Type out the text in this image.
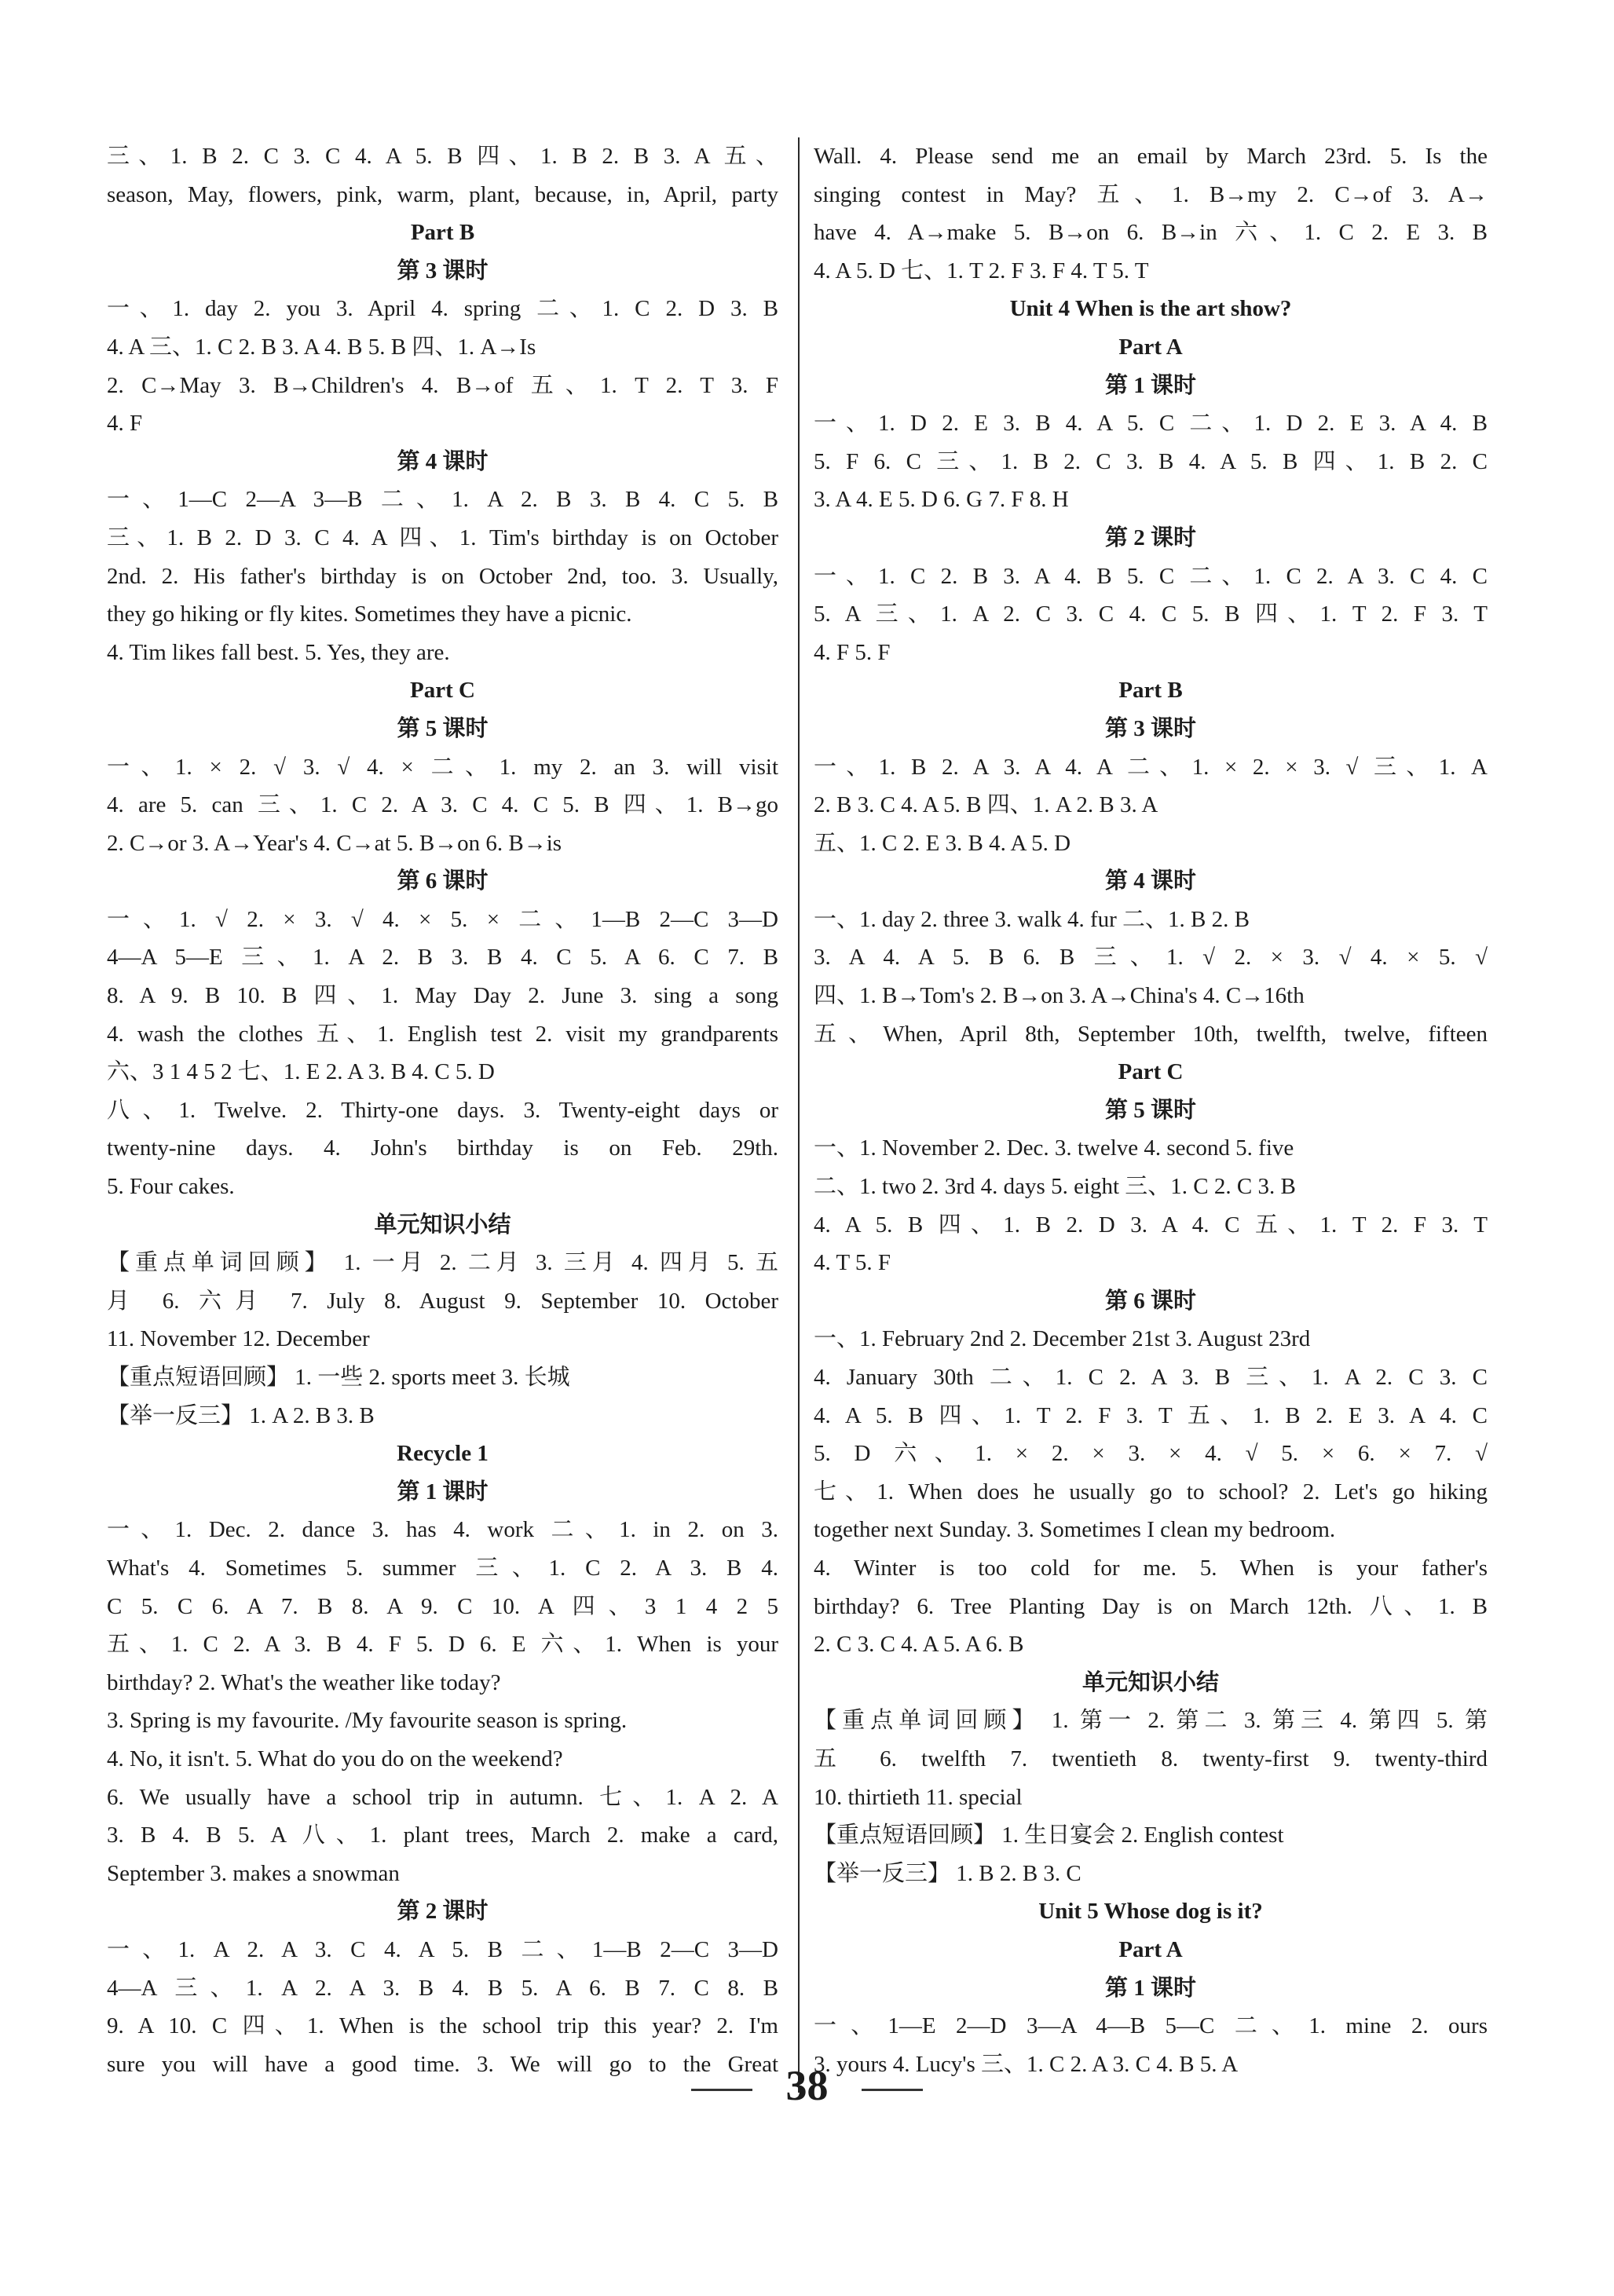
三、1. B 2. C 3. C 4. A 5. B 四、1. B 2. B 3. A 五、
season, May, flowers, pink, warm, plant, because, in, April, party
Part B
第 3 课时
一、1. day 2. you 3. April 4. spring 二、1. C 2. D 3. B
4. A 三、1. C 2. B 3. A 4. B 5. B 四、1. A→Is
2. C→May 3. B→Children's 4. B→of 五、1. T 2. T 3. F
4. F
第 4 课时
一、1—C 2—A 3—B 二、1. A 2. B 3. B 4. C 5. B
三、1. B 2. D 3. C 4. A 四、1. Tim's birthday is on October
2nd. 2. His father's birthday is on October 2nd, too. 3. Usually,
they go hiking or fly kites. Sometimes they have a picnic.
4. Tim likes fall best. 5. Yes, they are.
Part C
第 5 课时
一、1. × 2. √ 3. √ 4. × 二、1. my 2. an 3. will visit
4. are 5. can 三、1. C 2. A 3. C 4. C 5. B 四、1. B→go
2. C→or 3. A→Year's 4. C→at 5. B→on 6. B→is
第 6 课时
一、1. √ 2. × 3. √ 4. × 5. × 二、1—B 2—C 3—D
4—A 5—E 三、1. A 2. B 3. B 4. C 5. A 6. C 7. B
8. A 9. B 10. B 四、1. May Day 2. June 3. sing a song
4. wash the clothes 五、1. English test 2. visit my grandparents
六、3 1 4 5 2 七、1. E 2. A 3. B 4. C 5. D
八、1. Twelve. 2. Thirty-one days. 3. Twenty-eight days or
twenty-nine days. 4. John's birthday is on Feb. 29th.
5. Four cakes.
单元知识小结
【重点单词回顾】 1. 一月 2. 二月 3. 三月 4. 四月 5. 五
月 6. 六月 7. July 8. August 9. September 10. October
11. November 12. December
【重点短语回顾】 1. 一些 2. sports meet 3. 长城
【举一反三】 1. A 2. B 3. B
Recycle 1
第 1 课时
一、1. Dec. 2. dance 3. has 4. work 二、1. in 2. on 3.
What's 4. Sometimes 5. summer 三、1. C 2. A 3. B 4.
C 5. C 6. A 7. B 8. A 9. C 10. A 四、3 1 4 2 5
五、1. C 2. A 3. B 4. F 5. D 6. E 六、1. When is your
birthday? 2. What's the weather like today?
3. Spring is my favourite. /My favourite season is spring.
4. No, it isn't. 5. What do you do on the weekend?
6. We usually have a school trip in autumn. 七、1. A 2. A
3. B 4. B 5. A 八、1. plant trees, March 2. make a card,
September 3. makes a snowman
第 2 课时
一、1. A 2. A 3. C 4. A 5. B 二、1—B 2—C 3—D
4—A 三、1. A 2. A 3. B 4. B 5. A 6. B 7. C 8. B
9. A 10. C 四、1. When is the school trip this year? 2. I'm
sure you will have a good time. 3. We will go to the Great
Wall. 4. Please send me an email by March 23rd. 5. Is the
singing contest in May? 五、1. B→my 2. C→of 3. A→
have 4. A→make 5. B→on 6. B→in 六、1. C 2. E 3. B
4. A 5. D 七、1. T 2. F 3. F 4. T 5. T
Unit 4 When is the art show?
Part A
第 1 课时
一、1. D 2. E 3. B 4. A 5. C 二、1. D 2. E 3. A 4. B
5. F 6. C 三、1. B 2. C 3. B 4. A 5. B 四、1. B 2. C
3. A 4. E 5. D 6. G 7. F 8. H
第 2 课时
一、1. C 2. B 3. A 4. B 5. C 二、1. C 2. A 3. C 4. C
5. A 三、1. A 2. C 3. C 4. C 5. B 四、1. T 2. F 3. T
4. F 5. F
Part B
第 3 课时
一、1. B 2. A 3. A 4. A 二、1. × 2. × 3. √ 三、1. A
2. B 3. C 4. A 5. B 四、1. A 2. B 3. A
五、1. C 2. E 3. B 4. A 5. D
第 4 课时
一、1. day 2. three 3. walk 4. fur 二、1. B 2. B
3. A 4. A 5. B 6. B 三、1. √ 2. × 3. √ 4. × 5. √
四、1. B→Tom's 2. B→on 3. A→China's 4. C→16th
五、When, April 8th, September 10th, twelfth, twelve, fifteen
Part C
第 5 课时
一、1. November 2. Dec. 3. twelve 4. second 5. five
二、1. two 2. 3rd 4. days 5. eight 三、1. C 2. C 3. B
4. A 5. B 四、1. B 2. D 3. A 4. C 五、1. T 2. F 3. T
4. T 5. F
第 6 课时
一、1. February 2nd 2. December 21st 3. August 23rd
4. January 30th 二、1. C 2. A 3. B 三、1. A 2. C 3. C
4. A 5. B 四、1. T 2. F 3. T 五、1. B 2. E 3. A 4. C
5. D 六、1. × 2. × 3. × 4. √ 5. × 6. × 7. √
七、1. When does he usually go to school? 2. Let's go hiking
together next Sunday. 3. Sometimes I clean my bedroom.
4. Winter is too cold for me. 5. When is your father's
birthday? 6. Tree Planting Day is on March 12th. 八、1. B
2. C 3. C 4. A 5. A 6. B
单元知识小结
【重点单词回顾】 1. 第一 2. 第二 3. 第三 4. 第四 5. 第
五 6. twelfth 7. twentieth 8. twenty-first 9. twenty-third
10. thirtieth 11. special
【重点短语回顾】 1. 生日宴会 2. English contest
【举一反三】 1. B 2. B 3. C
Unit 5 Whose dog is it?
Part A
第 1 课时
一、1—E 2—D 3—A 4—B 5—C 二、1. mine 2. ours
3. yours 4. Lucy's 三、1. C 2. A 3. C 4. B 5. A
38
